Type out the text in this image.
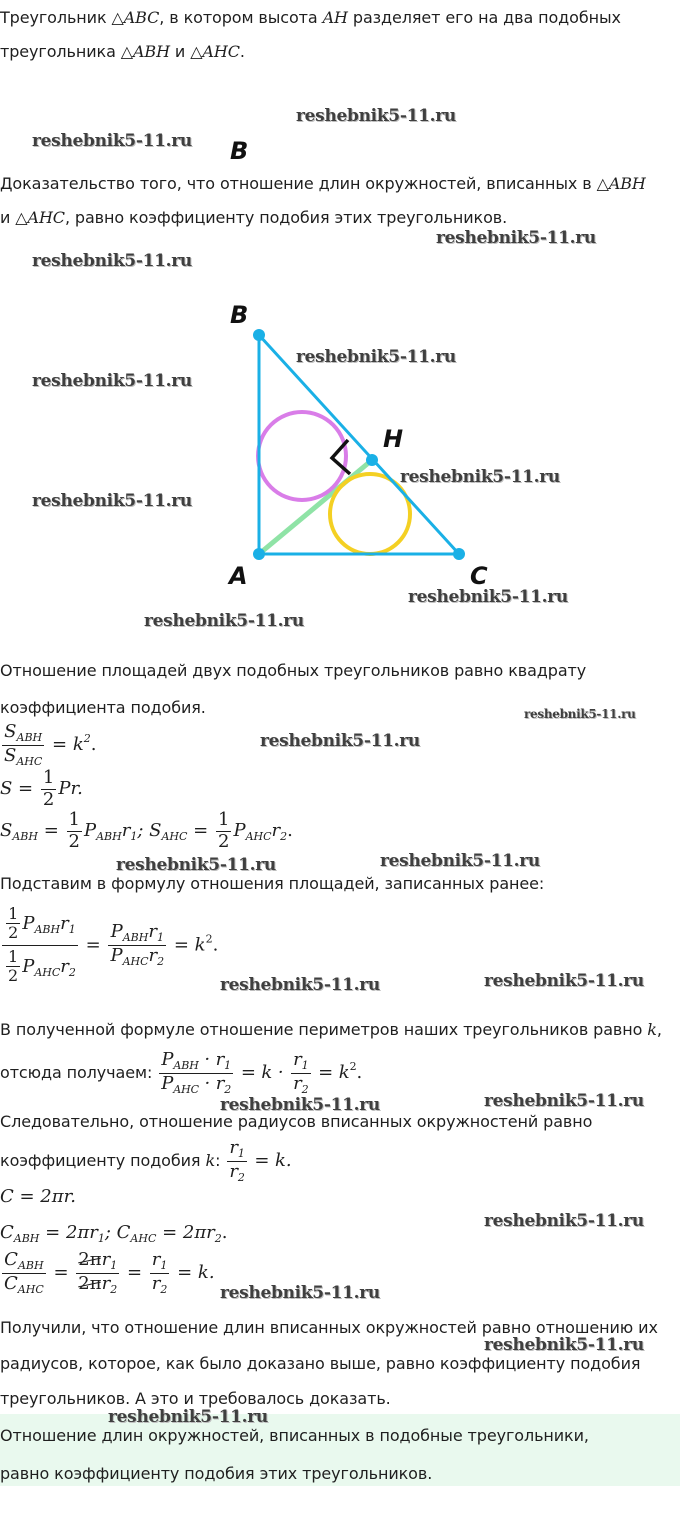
Треугольник △ABC, в котором высота AH разделяет его на два подобных
треугольника △ABH и △AHC.
B
Доказательство того, что отношение длин окружностей, вписанных в △ABH
и △AHC, равно коэффициенту подобия этих треугольников.
B
H
A	C
Отношение площадей двух подобных треугольников равно квадрату
коэффициента подобия.
$\frac{S_{ABH}}{S_{AHC}} = k^2$.
$S = \frac{1}{2} Pr$.
$S_{ABH} = \frac{1}{2} P_{ABH}r_1$; $S_{AHC} = \frac{1}{2} P_{AHC}r_2$.
Подставим в формулу отношения площадей, записанных ранее:
$\frac{\frac{1}{2} P_{ABH}r_1}{\frac{1}{2} P_{AHC}r_2} = \frac{P_{ABH}r_1}{P_{AHC}r_2} = k^2$.
В полученной формуле отношение периметров наших треугольников равно k,
отсюда получаем: $\frac{P_{ABH} \cdot r_1}{P_{AHC} \cdot r_2} = k \cdot \frac{r_1}{r_2} = k^2$.
Следовательно, отношение радиусов вписанных окружностенй равно
коэффициенту подобия k: $\frac{r_1}{r_2} = k$.
C = 2πr.
$C_{ABH} = 2\pi r_1$; $C_{AHC} = 2\pi r_2$.
$\frac{C_{ABH}}{C_{AHC}} = \frac{2\pi r_1}{2\pi r_2} = \frac{r_1}{r_2} = k$.
Получили, что отношение длин вписанных окружностей равно отношению их
радиусов, которое, как было доказано выше, равно коэффициенту подобия
треугольников. А это и требовалось доказать.
Отношение длин окружностей, вписанных в подобные треугольники,
равно коэффициенту подобия этих треугольников.
reshebnik5-11.ru
reshebnik5-11.ru
reshebnik5-11.ru
reshebnik5-11.ru
reshebnik5-11.ru
reshebnik5-11.ru
reshebnik5-11.ru
reshebnik5-11.ru
reshebnik5-11.ru
reshebnik5-11.ru
reshebnik5-11.ru
reshebnik5-11.ru
reshebnik5-11.ru	reshebnik5-11.ru
reshebnik5-11.ru
reshebnik5-11.ru
reshebnik5-11.ru
reshebnik5-11.ru
reshebnik5-11.ru
reshebnik5-11.ru
reshebnik5-11.ru
reshebnik5-11.ru
